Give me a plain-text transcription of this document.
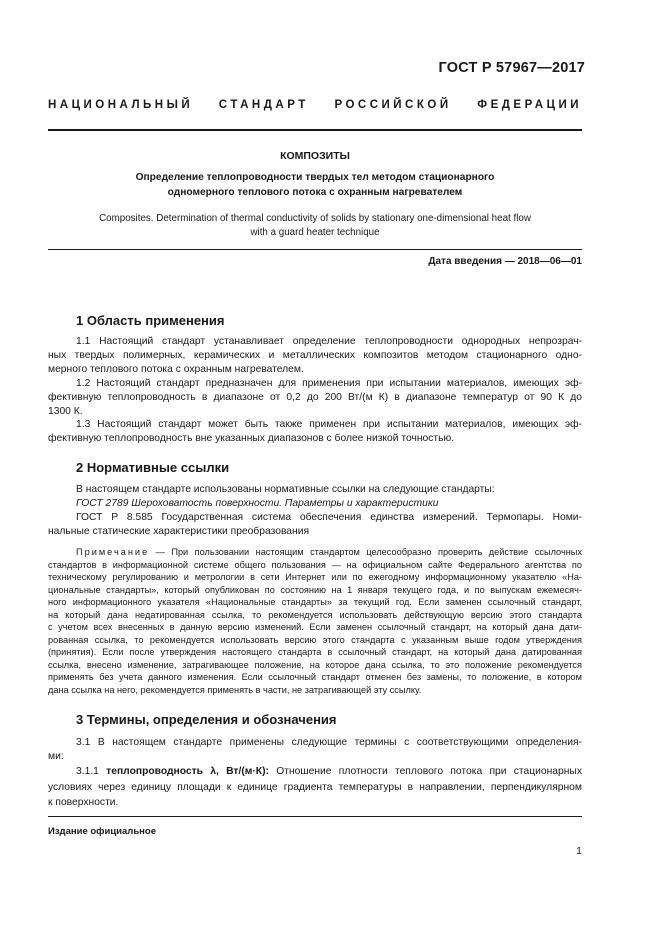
ГОСТ Р 57967—2017
НАЦИОНАЛЬНЫЙ СТАНДАРТ РОССИЙСКОЙ ФЕДЕРАЦИИ
КОМПОЗИТЫ
Определение теплопроводности твердых тел методом стационарного
одномерного теплового потока с охранным нагревателем
Composites. Determination of thermal conductivity of solids by stationary one-dimensional heat flow
with a guard heater technique
Дата введения — 2018—06—01
1 Область применения
1.1 Настоящий стандарт устанавливает определение теплопроводности однородных непрозрач-
ных твердых полимерных, керамических и металлических композитов методом стационарного одно-
мерного теплового потока с охранным нагревателем.
1.2 Настоящий стандарт предназначен для применения при испытании материалов, имеющих эф-
фективную теплопроводность в диапазоне от 0,2 до 200 Вт/(м К) в диапазоне температур от 90 К до
1300 К.
1.3 Настоящий стандарт может быть также применен при испытании материалов, имеющих эф-
фективную теплопроводность вне указанных диапазонов с более низкой точностью.
2 Нормативные ссылки
В настоящем стандарте использованы нормативные ссылки на следующие стандарты:
ГОСТ 2789 Шероховатость поверхности. Параметры и характеристики
ГОСТ Р 8.585 Государственная система обеспечения единства измерений. Термопары. Номи-
нальные статические характеристики преобразования
Примечание — При пользовании настоящим стандартом целесообразно проверить действие ссылочных
стандартов в информационной системе общего пользования — на официальном сайте Федерального агентства по
техническому регулированию и метрологии в сети Интернет или по ежегодному информационному указателю «На-
циональные стандарты», который опубликован по состоянию на 1 января текущего года, и по выпускам ежемесяч-
ного информационного указателя «Национальные стандарты» за текущий год. Если заменен ссылочный стандарт,
на который дана недатированная ссылка, то рекомендуется использовать действующую версию этого стандарта
с учетом всех внесенных в данную версию изменений. Если заменен ссылочный стандарт, на который дана дати-
рованная ссылка, то рекомендуется использовать версию этого стандарта с указанным выше годом утверждения
(принятия). Если после утверждения настоящего стандарта в ссылочный стандарт, на который дана датированная
ссылка, внесено изменение, затрагивающее положение, на которое дана ссылка, то это положение рекомендуется
применять без учета данного изменения. Если ссылочный стандарт отменен без замены, то положение, в котором
дана ссылка на него, рекомендуется применять в части, не затрагивающей эту ссылку.
3 Термины, определения и обозначения
3.1 В настоящем стандарте применены следующие термины с соответствующими определения-
ми:
3.1.1 теплопроводность λ, Вт/(м·К): Отношение плотности теплового потока при стационарных
условиях через единицу площади к единице градиента температуры в направлении, перпендикулярном
к поверхности.
Издание официальное
1
